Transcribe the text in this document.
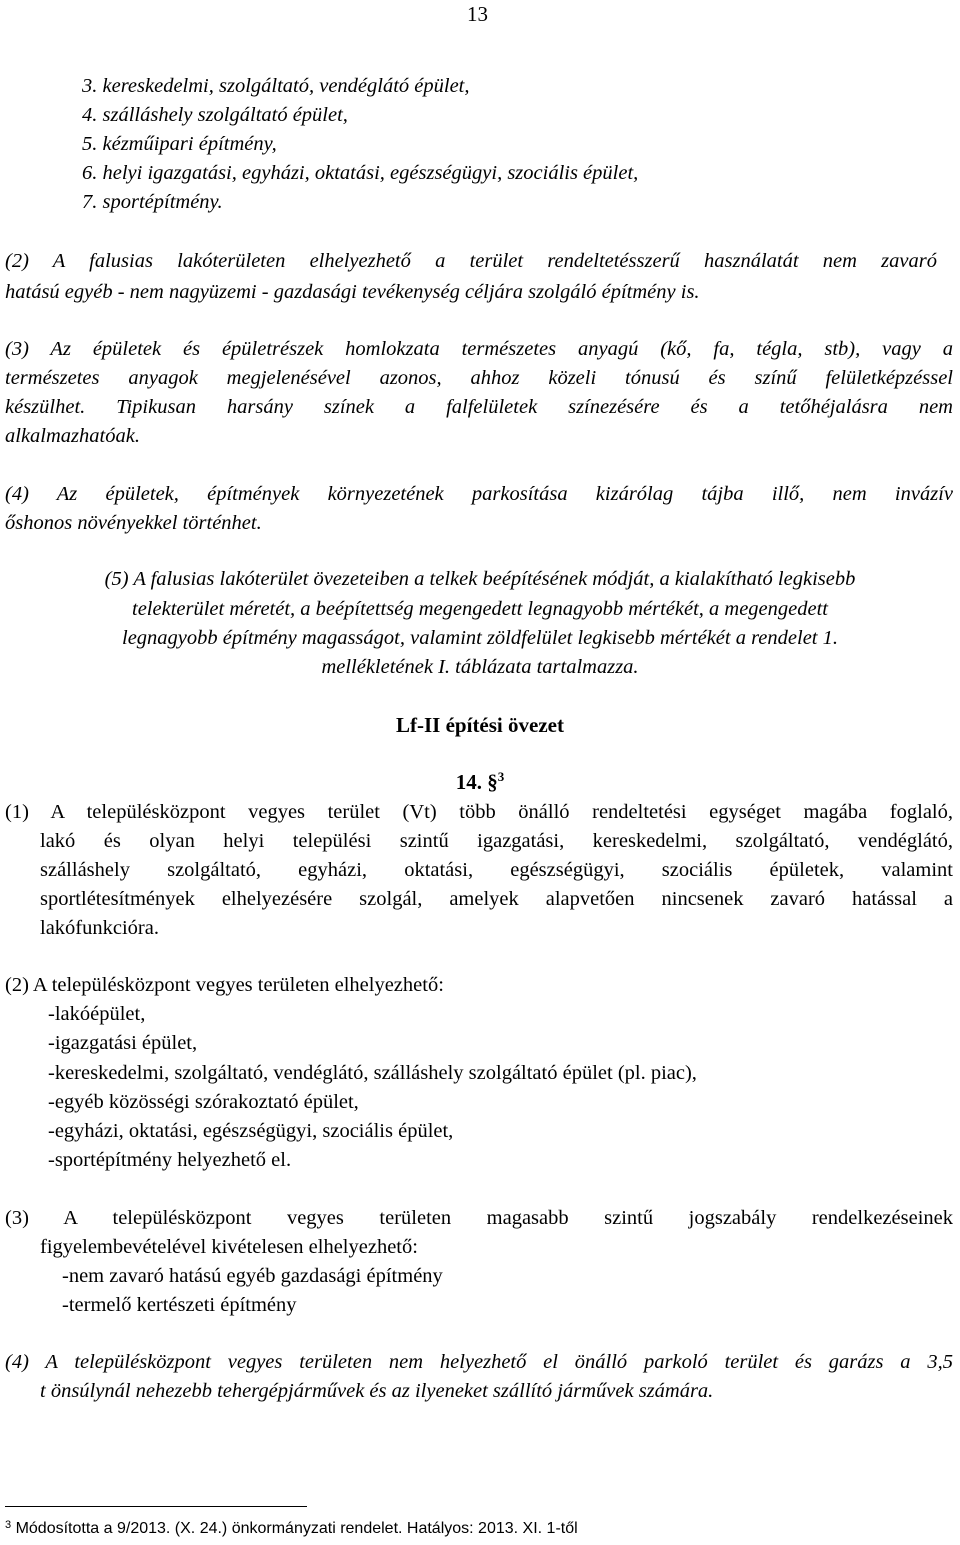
13
3. kereskedelmi, szolgáltató, vendéglátó épület,
4. szálláshely szolgáltató épület,
5. kézműipari építmény,
6. helyi igazgatási, egyházi, oktatási, egészségügyi, szociális épület,
7. sportépítmény.
(2) A falusias lakóterületen elhelyezhető a terület rendeltetésszerű használatát nem zavaró
hatású egyéb - nem nagyüzemi - gazdasági tevékenység céljára szolgáló építmény is.
(3) Az épületek és épületrészek homlokzata természetes anyagú (kő, fa, tégla, stb), vagy a
természetes anyagok megjelenésével azonos, ahhoz közeli tónusú és színű felületképzéssel
készülhet. Tipikusan harsány színek a falfelületek színezésére és a tetőhéjalásra nem
alkalmazhatóak.
(4) Az épületek, építmények környezetének parkosítása kizárólag tájba illő, nem invázív
őshonos növényekkel történhet.
(5) A falusias lakóterület övezeteiben a telkek beépítésének módját, a kialakítható legkisebb
telekterület méretét, a beépítettség megengedett legnagyobb mértékét, a megengedett
legnagyobb építmény magasságot, valamint zöldfelület legkisebb mértékét a rendelet 1.
mellékletének I. táblázata tartalmazza.
Lf-II építési övezet
14. §$^3$
(1) A településközpont vegyes terület (Vt) több önálló rendeltetési egységet magába foglaló,
lakó és olyan helyi települési szintű igazgatási, kereskedelmi, szolgáltató, vendéglátó,
szálláshely szolgáltató, egyházi, oktatási, egészségügyi, szociális épületek, valamint
sportlétesítmények elhelyezésére szolgál, amelyek alapvetően nincsenek zavaró hatással a
lakófunkcióra.
(2) A településközpont vegyes területen elhelyezhető:
-lakóépület,
-igazgatási épület,
-kereskedelmi, szolgáltató, vendéglátó, szálláshely szolgáltató épület (pl. piac),
-egyéb közösségi szórakoztató épület,
-egyházi, oktatási, egészségügyi, szociális épület,
-sportépítmény helyezhető el.
(3) A településközpont vegyes területen magasabb szintű jogszabály rendelkezéseinek
figyelembevételével kivételesen elhelyezhető:
-nem zavaró hatású egyéb gazdasági építmény
-termelő kertészeti építmény
(4) A településközpont vegyes területen nem helyezhető el önálló parkoló terület és garázs a 3,5
t önsúlynál nehezebb tehergépjárművek és az ilyeneket szállító járművek számára.
$^3$ Módosította a 9/2013. (X. 24.) önkormányzati rendelet. Hatályos: 2013. XI. 1-től
